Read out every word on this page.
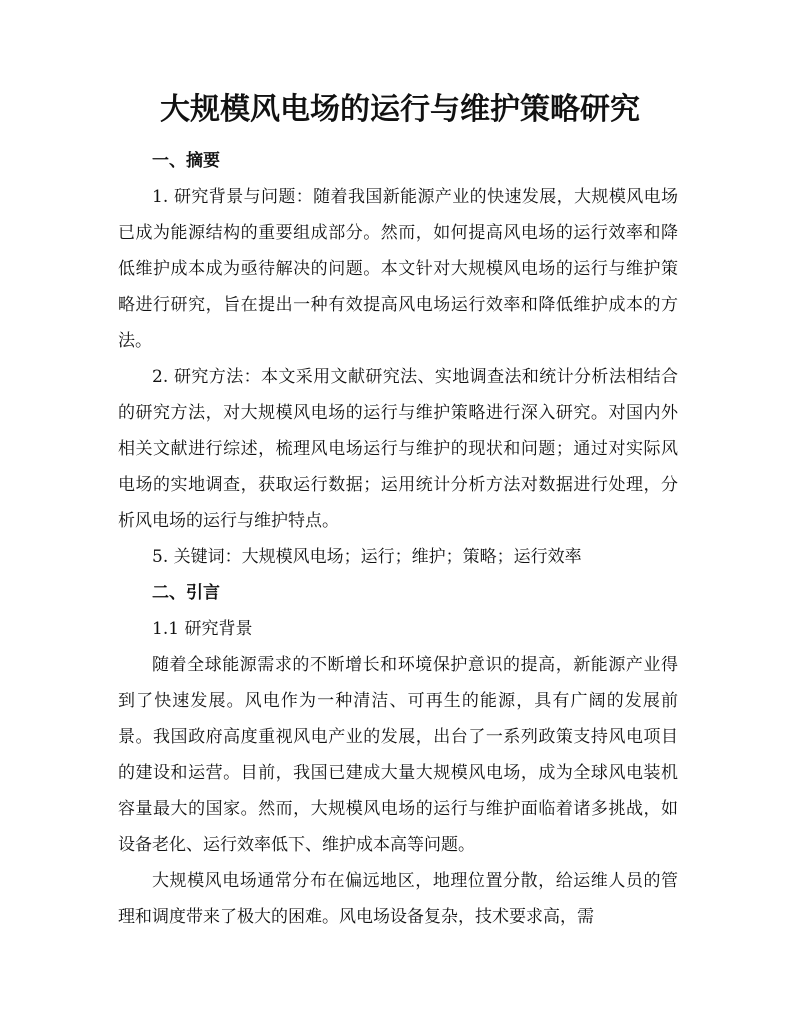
大规模风电场的运行与维护策略研究

一、摘要

1. 研究背景与问题：随着我国新能源产业的快速发展，大规模风电场已成为能源结构的重要组成部分。然而，如何提高风电场的运行效率和降低维护成本成为亟待解决的问题。本文针对大规模风电场的运行与维护策略进行研究，旨在提出一种有效提高风电场运行效率和降低维护成本的方法。

2. 研究方法：本文采用文献研究法、实地调查法和统计分析法相结合的研究方法，对大规模风电场的运行与维护策略进行深入研究。对国内外相关文献进行综述，梳理风电场运行与维护的现状和问题；通过对实际风电场的实地调查，获取运行数据；运用统计分析方法对数据进行处理，分析风电场的运行与维护特点。

5. 关键词：大规模风电场；运行；维护；策略；运行效率

二、引言

1.1 研究背景

随着全球能源需求的不断增长和环境保护意识的提高，新能源产业得到了快速发展。风电作为一种清洁、可再生的能源，具有广阔的发展前景。我国政府高度重视风电产业的发展，出台了一系列政策支持风电项目的建设和运营。目前，我国已建成大量大规模风电场，成为全球风电装机容量最大的国家。然而，大规模风电场的运行与维护面临着诸多挑战，如设备老化、运行效率低下、维护成本高等问题。

大规模风电场通常分布在偏远地区，地理位置分散，给运维人员的管理和调度带来了极大的困难。风电场设备复杂，技术要求高，需
